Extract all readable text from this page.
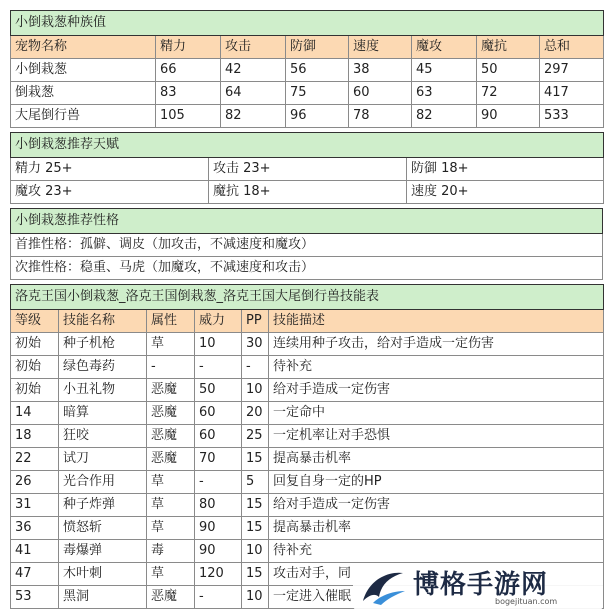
小倒栽葱种族值							
宠物名称	精力	攻击	防御	速度	魔攻	魔抗	总和
小倒栽葱	66	42	56	38	45	50	297
倒栽葱	83	64	75	60	63	72	417
大尾倒行兽	105	82	96	78	82	90	533
小倒栽葱推荐天赋		
精力 25+	攻击 23+	防御 18+
魔攻 23+	魔抗 18+	速度 20+
小倒栽葱推荐性格
首推性格：孤僻、调皮（加攻击，不减速度和魔攻）
次推性格：稳重、马虎（加魔攻，不减速度和攻击）
洛克王国小倒栽葱_洛克王国倒栽葱_洛克王国大尾倒行兽技能表					
等级	技能名称	属性	威力	PP	技能描述
初始	种子机枪	草	10	30	连续用种子攻击，给对手造成一定伤害
初始	绿色毒药	-	-	-	待补充
初始	小丑礼物	恶魔	50	10	给对手造成一定伤害
14	暗算	恶魔	60	20	一定命中
18	狂咬	恶魔	60	25	一定机率让对手恐惧
22	试刀	恶魔	70	15	提高暴击机率
26	光合作用	草	-	5	回复自身一定的HP
31	种子炸弹	草	80	15	给对手造成一定伤害
36	愤怒斩	草	90	15	提高暴击机率
41	毒爆弹	毒	90	10	待补充
47	木叶刺	草	120	15	攻击对手，同
53	黑洞	恶魔	-	10	一定进入催眠 博格手游网
bogejituan.com
